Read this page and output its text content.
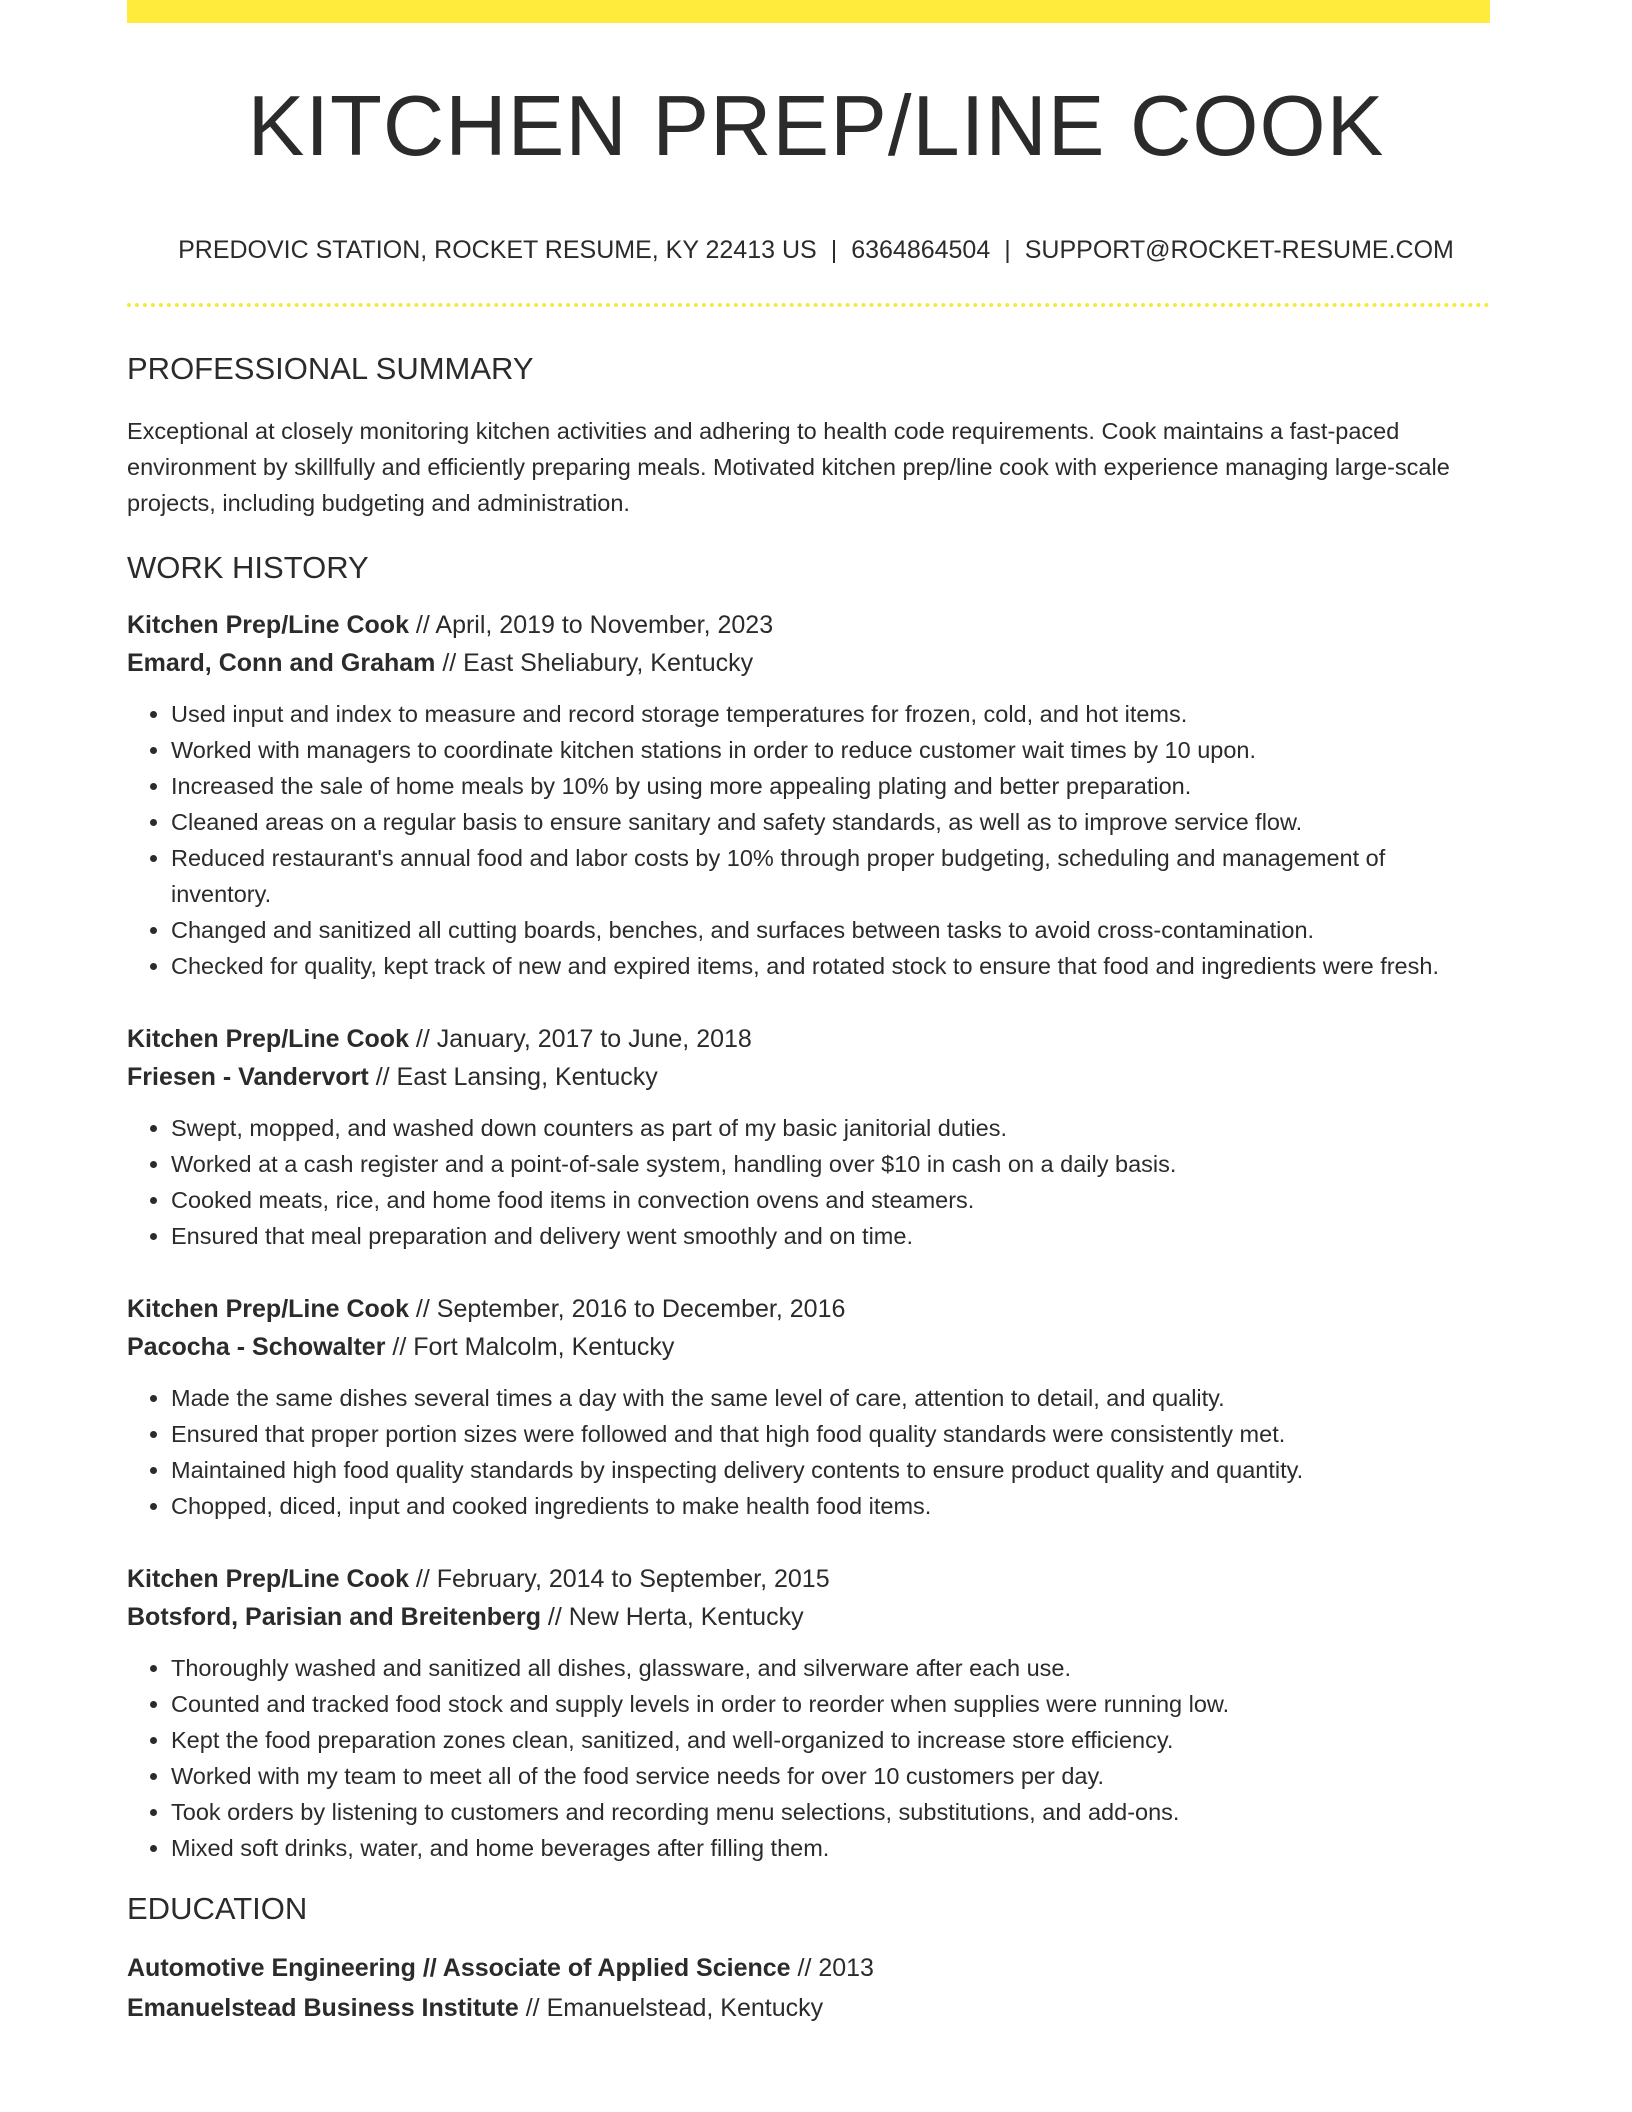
KITCHEN PREP/LINE COOK
PREDOVIC STATION, ROCKET RESUME, KY 22413 US | 6364864504 | SUPPORT@ROCKET-RESUME.COM
PROFESSIONAL SUMMARY

Exceptional at closely monitoring kitchen activities and adhering to health code requirements. Cook maintains a fast-paced environment by skillfully and efficiently preparing meals. Motivated kitchen prep/line cook with experience managing large-scale projects, including budgeting and administration.

WORK HISTORY
Kitchen Prep/Line Cook // April, 2019 to November, 2023
Emard, Conn and Graham // East Sheliabury, Kentucky
• Used input and index to measure and record storage temperatures for frozen, cold, and hot items.
• Worked with managers to coordinate kitchen stations in order to reduce customer wait times by 10 upon.
• Increased the sale of home meals by 10% by using more appealing plating and better preparation.
• Cleaned areas on a regular basis to ensure sanitary and safety standards, as well as to improve service flow.
• Reduced restaurant's annual food and labor costs by 10% through proper budgeting, scheduling and management of inventory.
• Changed and sanitized all cutting boards, benches, and surfaces between tasks to avoid cross-contamination.
• Checked for quality, kept track of new and expired items, and rotated stock to ensure that food and ingredients were fresh.
Kitchen Prep/Line Cook // January, 2017 to June, 2018
Friesen - Vandervort // East Lansing, Kentucky
• Swept, mopped, and washed down counters as part of my basic janitorial duties.
• Worked at a cash register and a point-of-sale system, handling over $10 in cash on a daily basis.
• Cooked meats, rice, and home food items in convection ovens and steamers.
• Ensured that meal preparation and delivery went smoothly and on time.
Kitchen Prep/Line Cook // September, 2016 to December, 2016
Pacocha - Schowalter // Fort Malcolm, Kentucky
• Made the same dishes several times a day with the same level of care, attention to detail, and quality.
• Ensured that proper portion sizes were followed and that high food quality standards were consistently met.
• Maintained high food quality standards by inspecting delivery contents to ensure product quality and quantity.
• Chopped, diced, input and cooked ingredients to make health food items.
Kitchen Prep/Line Cook // February, 2014 to September, 2015
Botsford, Parisian and Breitenberg // New Herta, Kentucky
• Thoroughly washed and sanitized all dishes, glassware, and silverware after each use.
• Counted and tracked food stock and supply levels in order to reorder when supplies were running low.
• Kept the food preparation zones clean, sanitized, and well-organized to increase store efficiency.
• Worked with my team to meet all of the food service needs for over 10 customers per day.
• Took orders by listening to customers and recording menu selections, substitutions, and add-ons.
• Mixed soft drinks, water, and home beverages after filling them.
EDUCATION
Automotive Engineering // Associate of Applied Science // 2013
Emanuelstead Business Institute // Emanuelstead, Kentucky
